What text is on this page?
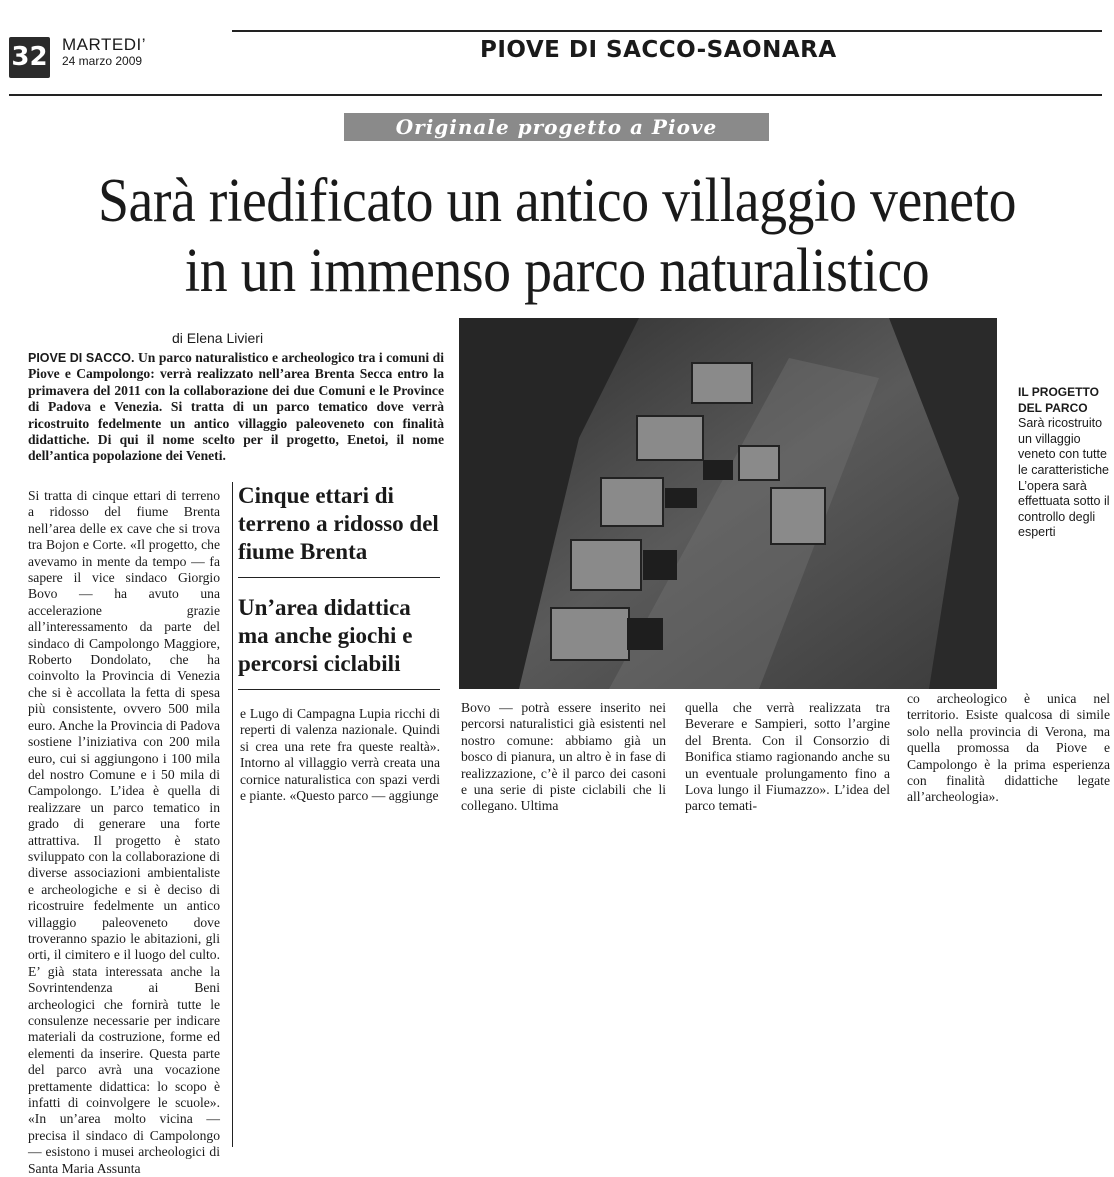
32 MARTEDI’
24 marzo 2009	PIOVE DI SACCO-SAONARA
Originale progetto a Piove
Sarà riedificato un antico villaggio veneto
in un immenso parco naturalistico
di Elena Livieri
PIOVE DI SACCO. Un parco naturalistico e archeologico tra i comuni di Piove e Campolongo: verrà realizzato nell’area Brenta Secca entro la primavera del 2011 con la collaborazione dei due Comuni e le Province di Padova e Venezia. Si tratta di un parco tematico dove verrà ricostruito fedelmente un antico villaggio paleoveneto con finalità didattiche. Di qui il nome scelto per il progetto, Enetoi, il nome dell’antica popolazione dei Veneti.
Si tratta di cinque ettari di terreno a ridosso del fiume Brenta nell’area delle ex cave che si trova tra Bojon e Corte. «Il progetto, che avevamo in mente da tempo — fa sapere il vice sindaco Giorgio Bovo — ha avuto una accelerazione grazie all’interessamento da parte del sindaco di Campolongo Maggiore, Roberto Dondolato, che ha coinvolto la Provincia di Venezia che si è accollata la fetta di spesa più consistente, ovvero 500 mila euro. Anche la Provincia di Padova sostiene l’iniziativa con 200 mila euro, cui si aggiungono i 100 mila del nostro Comune e i 50 mila di Campolongo. L’idea è quella di realizzare un parco tematico in grado di generare una forte attrattiva. Il progetto è stato sviluppato con la collaborazione di diverse associazioni ambientaliste e archeologiche e si è deciso di ricostruire fedelmente un antico villaggio paleoveneto dove troveranno spazio le abitazioni, gli orti, il cimitero e il luogo del culto. E’ già stata interessata anche la Sovrintendenza ai Beni archeologici che fornirà tutte le consulenze necessarie per indicare materiali da costruzione, forme ed elementi da inserire. Questa parte del parco avrà una vocazione prettamente didattica: lo scopo è infatti di coinvolgere le scuole». «In un’area molto vicina — precisa il sindaco di Campolongo — esistono i musei archeologici di Santa Maria Assunta
Cinque ettari di terreno a ridosso del fiume Brenta
Un’area didattica ma anche giochi e percorsi ciclabili
IL PROGETTO DEL PARCO
Sarà ricostruito un villaggio veneto con tutte le caratteristiche L’opera sarà effettuata sotto il controllo degli esperti
e Lugo di Campagna Lupia ricchi di reperti di valenza nazionale. Quindi si crea una rete fra queste realtà». Intorno al villaggio verrà creata una cornice naturalistica con spazi verdi e piante. «Questo parco — aggiunge
Bovo — potrà essere inserito nei percorsi naturalistici già esistenti nel nostro comune: abbiamo già un bosco di pianura, un altro è in fase di realizzazione, c’è il parco dei casoni e una serie di piste ciclabili che li collegano. Ultima
quella che verrà realizzata tra Beverare e Sampieri, sotto l’argine del Brenta. Con il Consorzio di Bonifica stiamo ragionando anche su un eventuale prolungamento fino a Lova lungo il Fiumazzo». L’idea del parco temati-
co archeologico è unica nel territorio. Esiste qualcosa di simile solo nella provincia di Verona, ma quella promossa da Piove e Campolongo è la prima esperienza con finalità didattiche legate all’archeologia».
